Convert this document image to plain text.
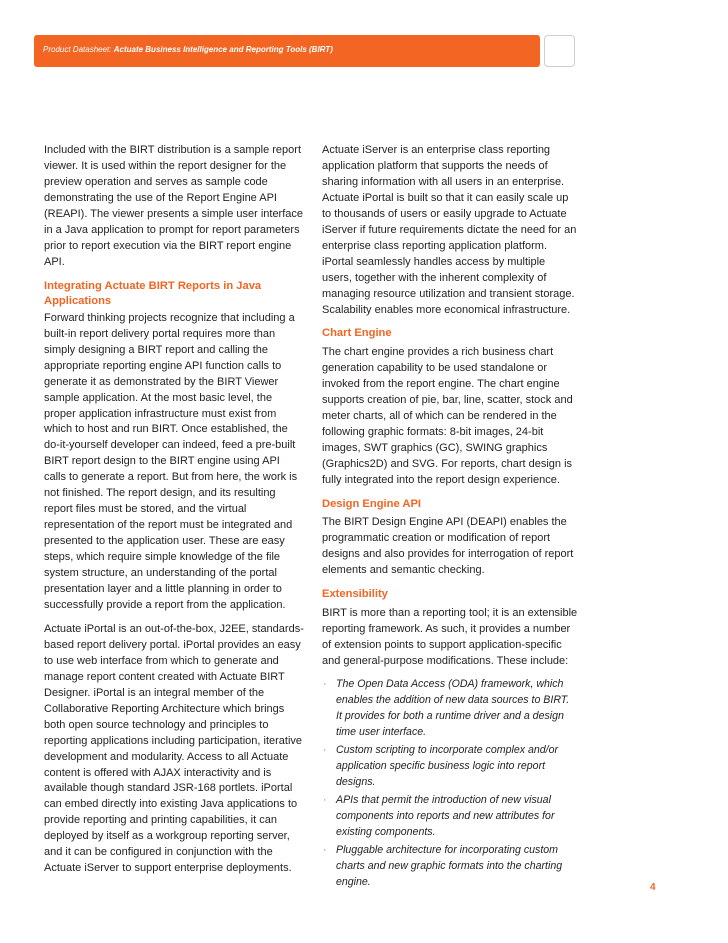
Product Datasheet: Actuate Business Intelligence and Reporting Tools (BIRT)

Included with the BIRT distribution is a sample report viewer. It is used within the report designer for the preview operation and serves as sample code demonstrating the use of the Report Engine API (REAPI). The viewer presents a simple user interface in a Java application to prompt for report parameters prior to report execution via the BIRT report engine API.

Integrating Actuate BIRT Reports in Java Applications

Forward thinking projects recognize that including a built-in report delivery portal requires more than simply designing a BIRT report and calling the appropriate reporting engine API function calls to generate it as demonstrated by the BIRT Viewer sample application. At the most basic level, the proper application infrastructure must exist from which to host and run BIRT. Once established, the do-it-yourself developer can indeed, feed a pre-built BIRT report design to the BIRT engine using API calls to generate a report. But from here, the work is not finished. The report design, and its resulting report files must be stored, and the virtual representation of the report must be integrated and presented to the application user. These are easy steps, which require simple knowledge of the file system structure, an understanding of the portal presentation layer and a little planning in order to successfully provide a report from the application.

Actuate iPortal is an out-of-the-box, J2EE, standards-based report delivery portal. iPortal provides an easy to use web interface from which to generate and manage report content created with Actuate BIRT Designer. iPortal is an integral member of the Collaborative Reporting Architecture which brings both open source technology and principles to reporting applications including participation, iterative development and modularity. Access to all Actuate content is offered with AJAX interactivity and is available though standard JSR-168 portlets. iPortal can embed directly into existing Java applications to provide reporting and printing capabilities, it can deployed by itself as a workgroup reporting server, and it can be configured in conjunction with the Actuate iServer to support enterprise deployments.

Actuate iServer is an enterprise class reporting application platform that supports the needs of sharing information with all users in an enterprise. Actuate iPortal is built so that it can easily scale up to thousands of users or easily upgrade to Actuate iServer if future requirements dictate the need for an enterprise class reporting application platform. iPortal seamlessly handles access by multiple users, together with the inherent complexity of managing resource utilization and transient storage. Scalability enables more economical infrastructure.

Chart Engine

The chart engine provides a rich business chart generation capability to be used standalone or invoked from the report engine. The chart engine supports creation of pie, bar, line, scatter, stock and meter charts, all of which can be rendered in the following graphic formats: 8-bit images, 24-bit images, SWT graphics (GC), SWING graphics (Graphics2D) and SVG. For reports, chart design is fully integrated into the report design experience.

Design Engine API

The BIRT Design Engine API (DEAPI) enables the programmatic creation or modification of report designs and also provides for interrogation of report elements and semantic checking.

Extensibility

BIRT is more than a reporting tool; it is an extensible reporting framework. As such, it provides a number of extension points to support application-specific and general-purpose modifications. These include:

· The Open Data Access (ODA) framework, which enables the addition of new data sources to BIRT. It provides for both a runtime driver and a design time user interface.
· Custom scripting to incorporate complex and/or application specific business logic into report designs.
· APIs that permit the introduction of new visual components into reports and new attributes for existing components.
· Pluggable architecture for incorporating custom charts and new graphic formats into the charting engine.	4
